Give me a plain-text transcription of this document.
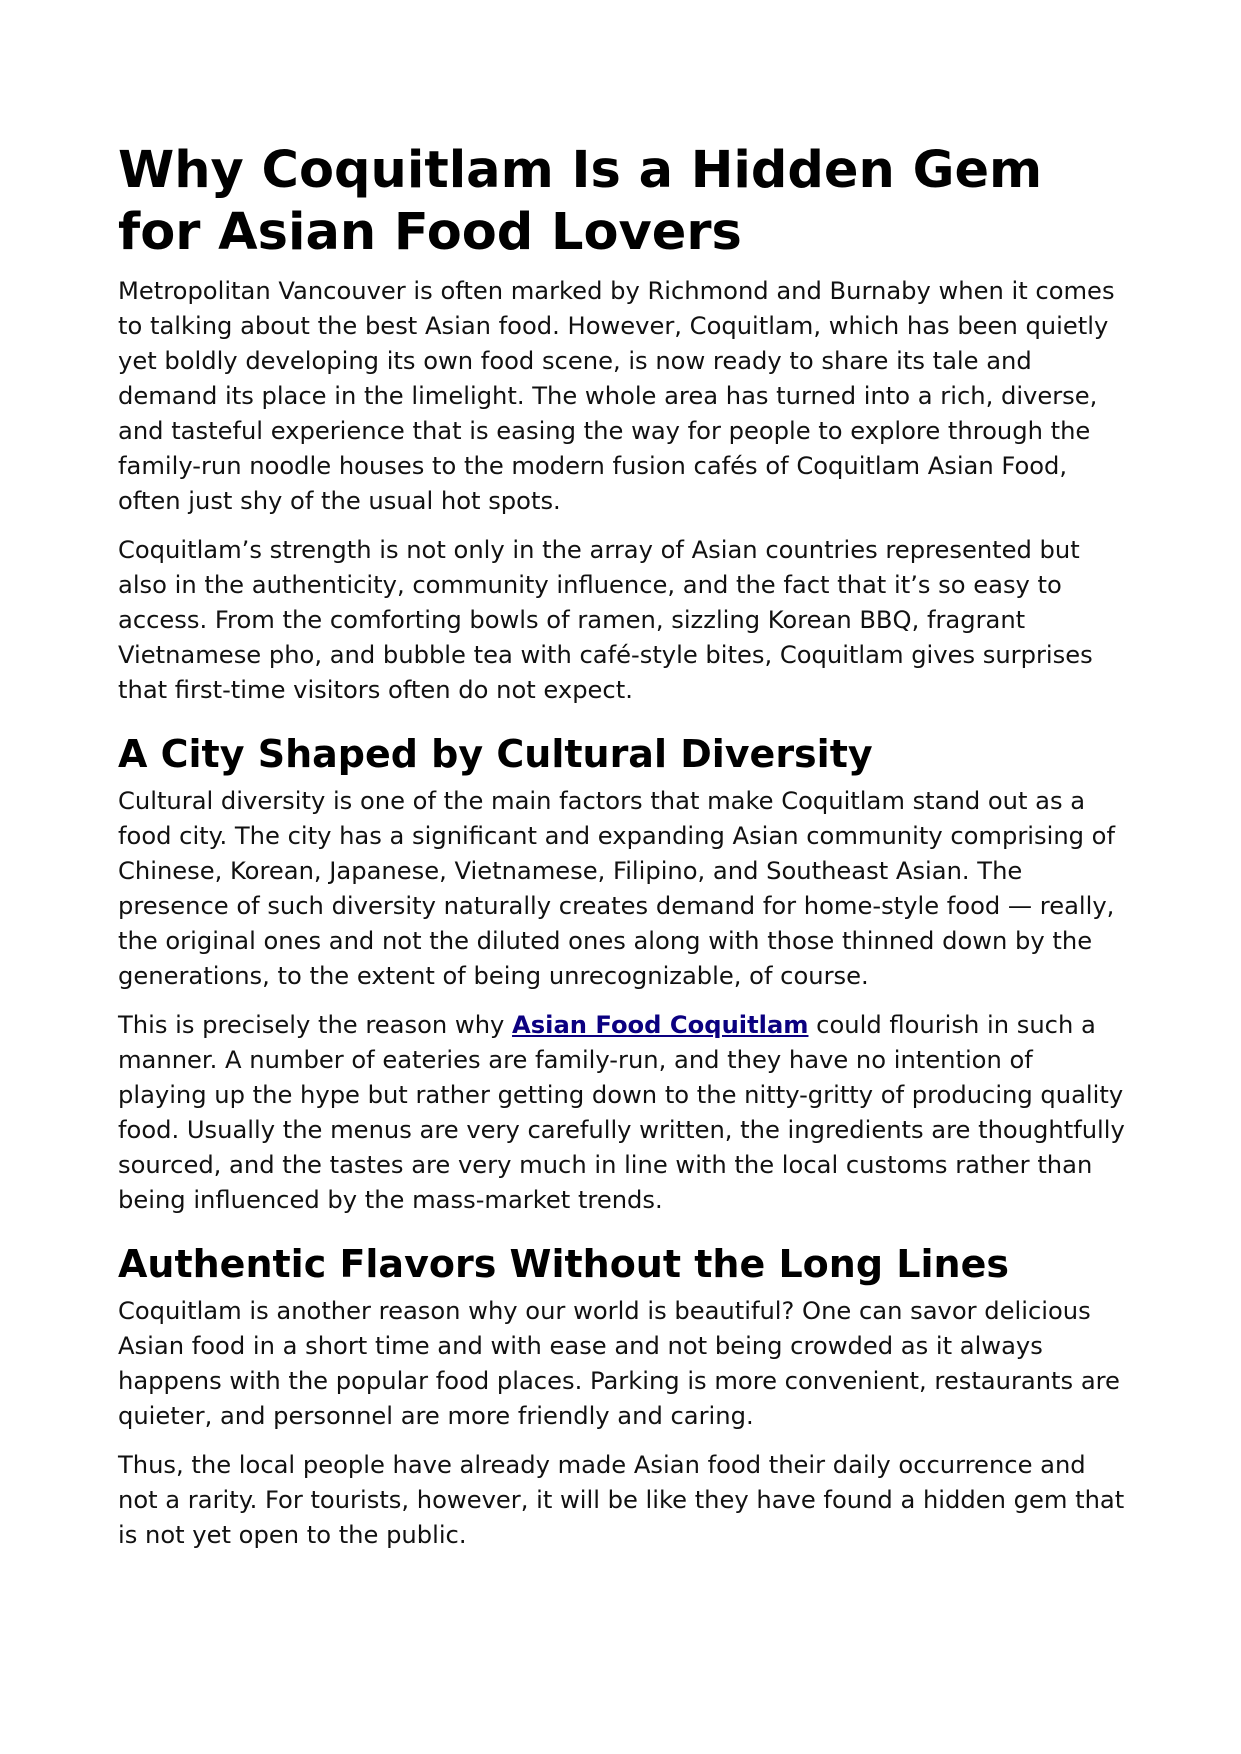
Why Coquitlam Is a Hidden Gem for Asian Food Lovers

Metropolitan Vancouver is often marked by Richmond and Burnaby when it comes to talking about the best Asian food. However, Coquitlam, which has been quietly yet boldly developing its own food scene, is now ready to share its tale and demand its place in the limelight. The whole area has turned into a rich, diverse, and tasteful experience that is easing the way for people to explore through the family-run noodle houses to the modern fusion cafés of Coquitlam Asian Food, often just shy of the usual hot spots.

Coquitlam’s strength is not only in the array of Asian countries represented but also in the authenticity, community influence, and the fact that it’s so easy to access. From the comforting bowls of ramen, sizzling Korean BBQ, fragrant Vietnamese pho, and bubble tea with café-style bites, Coquitlam gives surprises that first-time visitors often do not expect.

A City Shaped by Cultural Diversity

Cultural diversity is one of the main factors that make Coquitlam stand out as a food city. The city has a significant and expanding Asian community comprising of Chinese, Korean, Japanese, Vietnamese, Filipino, and Southeast Asian. The presence of such diversity naturally creates demand for home-style food — really, the original ones and not the diluted ones along with those thinned down by the generations, to the extent of being unrecognizable, of course.

This is precisely the reason why Asian Food Coquitlam could flourish in such a manner. A number of eateries are family-run, and they have no intention of playing up the hype but rather getting down to the nitty-gritty of producing quality food. Usually the menus are very carefully written, the ingredients are thoughtfully sourced, and the tastes are very much in line with the local customs rather than being influenced by the mass-market trends.

Authentic Flavors Without the Long Lines

Coquitlam is another reason why our world is beautiful? One can savor delicious Asian food in a short time and with ease and not being crowded as it always happens with the popular food places. Parking is more convenient, restaurants are quieter, and personnel are more friendly and caring.

Thus, the local people have already made Asian food their daily occurrence and not a rarity. For tourists, however, it will be like they have found a hidden gem that is not yet open to the public.
